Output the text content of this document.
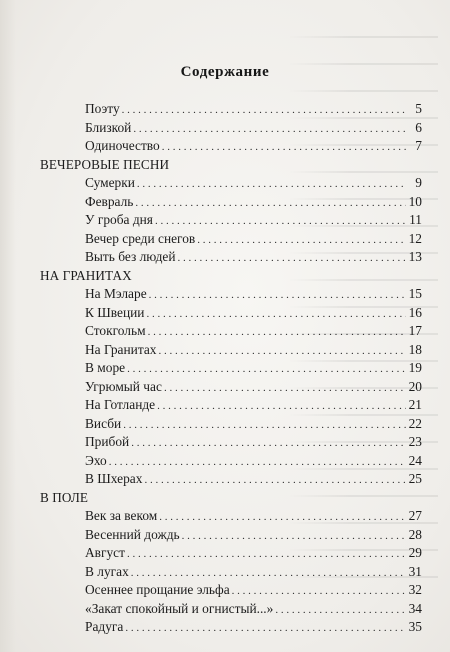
Содержание
Поэту . . .	5
Близкой . . .	6
Одиночество . . .	7
ВЕЧЕРОВЫЕ ПЕСНИ
Сумерки . . .	9
Февраль . . .	10
У гроба дня . . .	11
Вечер среди снегов . . .	12
Выть без людей . . .	13
НА ГРАНИТАХ
На Мэларе . . .	15
К Швеции . . .	16
Стокгольм . . .	17
На Гранитах . . .	18
В море . . .	19
Угрюмый час . . .	20
На Готланде . . .	21
Висби . . .	22
Прибой . . .	23
Эхо . . .	24
В Шхерах . . .	25
В ПОЛЕ
Век за веком . . .	27
Весенний дождь . . .	28
Август . . .	29
В лугах . . .	31
Осеннее прощание эльфа . . .	32
«Закат спокойный и огнистый...» . . .	34
Радуга . . .	35
